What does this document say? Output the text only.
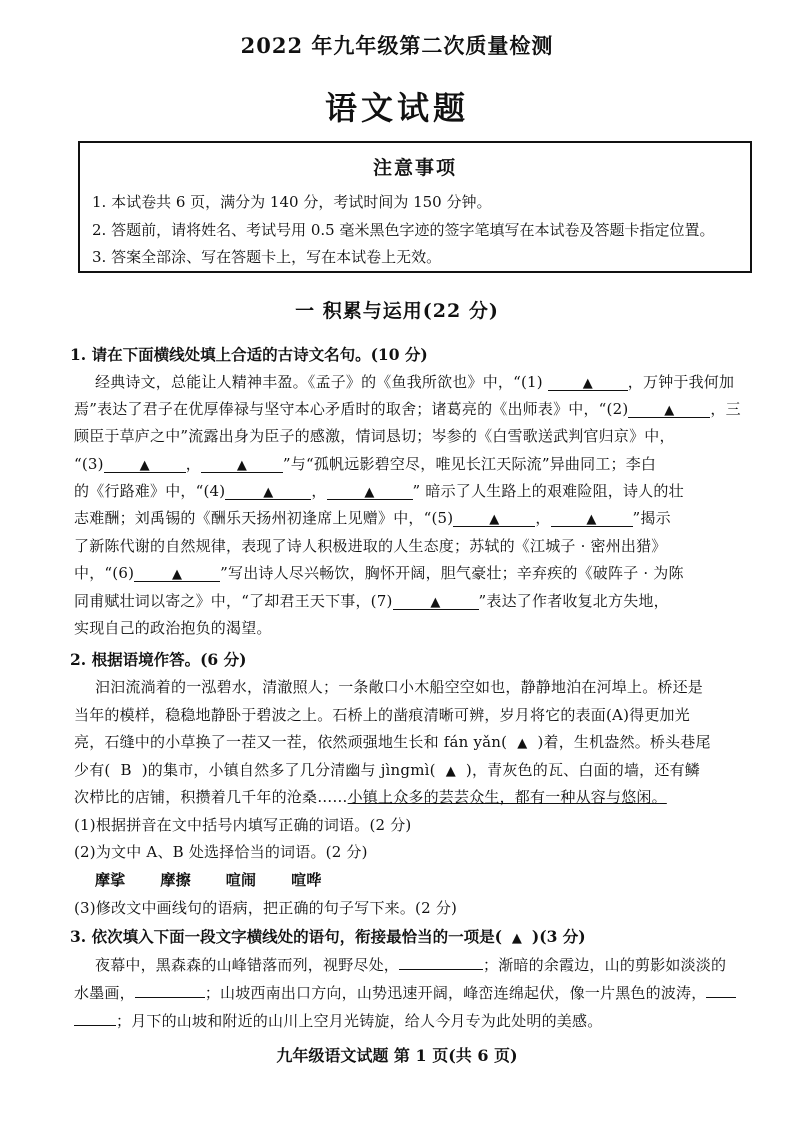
2022 年九年级第二次质量检测
语文试题
注意事项
1. 本试卷共 6 页，满分为 140 分，考试时间为 150 分钟。
2. 答题前，请将姓名、考试号用 0.5 毫米黑色字迹的签字笔填写在本试卷及答题卡指定位置。
3. 答案全部涂、写在答题卡上，写在本试卷上无效。
一 积累与运用(22 分)
1. 请在下面横线处填上合适的古诗文名句。(10 分)
经典诗文，总能让人精神丰盈。《孟子》的《鱼我所欲也》中，“(1)	▲ ，万钟于我何加
焉”表达了君子在优厚俸禄与坚守本心矛盾时的取舍；诸葛亮的《出师表》中，“(2)	▲ ，三
顾臣于草庐之中”流露出身为臣子的感激，情词恳切；岑参的《白雪歌送武判官归京》中，
“(3)	▲ ，	▲ ”与“孤帆远影碧空尽，唯见长江天际流”异曲同工；李白
的《行路难》中，“(4)	▲	，	▲	” 暗示了人生路上的艰难险阻，诗人的壮
志难酬；刘禹锡的《酬乐天扬州初逢席上见赠》中，“(5)	▲ ，	▲ ”揭示
了新陈代谢的自然规律，表现了诗人积极进取的人生态度；苏轼的《江城子 · 密州出猎》
中，“(6)	▲	”写出诗人尽兴畅饮，胸怀开阔，胆气豪壮；辛弃疾的《破阵子 · 为陈
同甫赋壮词以寄之》中，“了却君王天下事，(7)	▲	”表达了作者收复北方失地，
实现自己的政治抱负的渴望。
2. 根据语境作答。(6 分)
汩汩流淌着的一泓碧水，清澈照人；一条敞口小木船空空如也，静静地泊在河埠上。桥还是
当年的模样，稳稳地静卧于碧波之上。石桥上的凿痕清晰可辨，岁月将它的表面(A)得更加光
亮，石缝中的小草换了一茬又一茬，依然顽强地生长和 fán yǎn( ▲ )着，生机盎然。桥头巷尾
少有( B )的集市，小镇自然多了几分清幽与 jìngmì( ▲ )，青灰色的瓦、白面的墙，还有鳞
次栉比的店铺，积攒着几千年的沧桑……小镇上众多的芸芸众生，都有一种从容与悠闲。
(1)根据拼音在文中括号内填写正确的词语。(2 分)
(2)为文中 A、B 处选择恰当的词语。(2 分)
摩挲 摩擦 喧闹 喧哗
(3)修改文中画线句的语病，把正确的句子写下来。(2 分)
3. 依次填入下面一段文字横线处的语句，衔接最恰当的一项是( ▲ )(3 分)
夜幕中，黑森森的山峰错落而列，视野尽处，	；渐暗的余霞边，山的剪影如淡淡的
水墨画，	；山坡西南出口方向，山势迅速开阔，峰峦连绵起伏，像一片黑色的波涛，
；月下的山坡和附近的山川上空月光铸旋，给人今月专为此处明的美感。
九年级语文试题 第 1 页(共 6 页)
